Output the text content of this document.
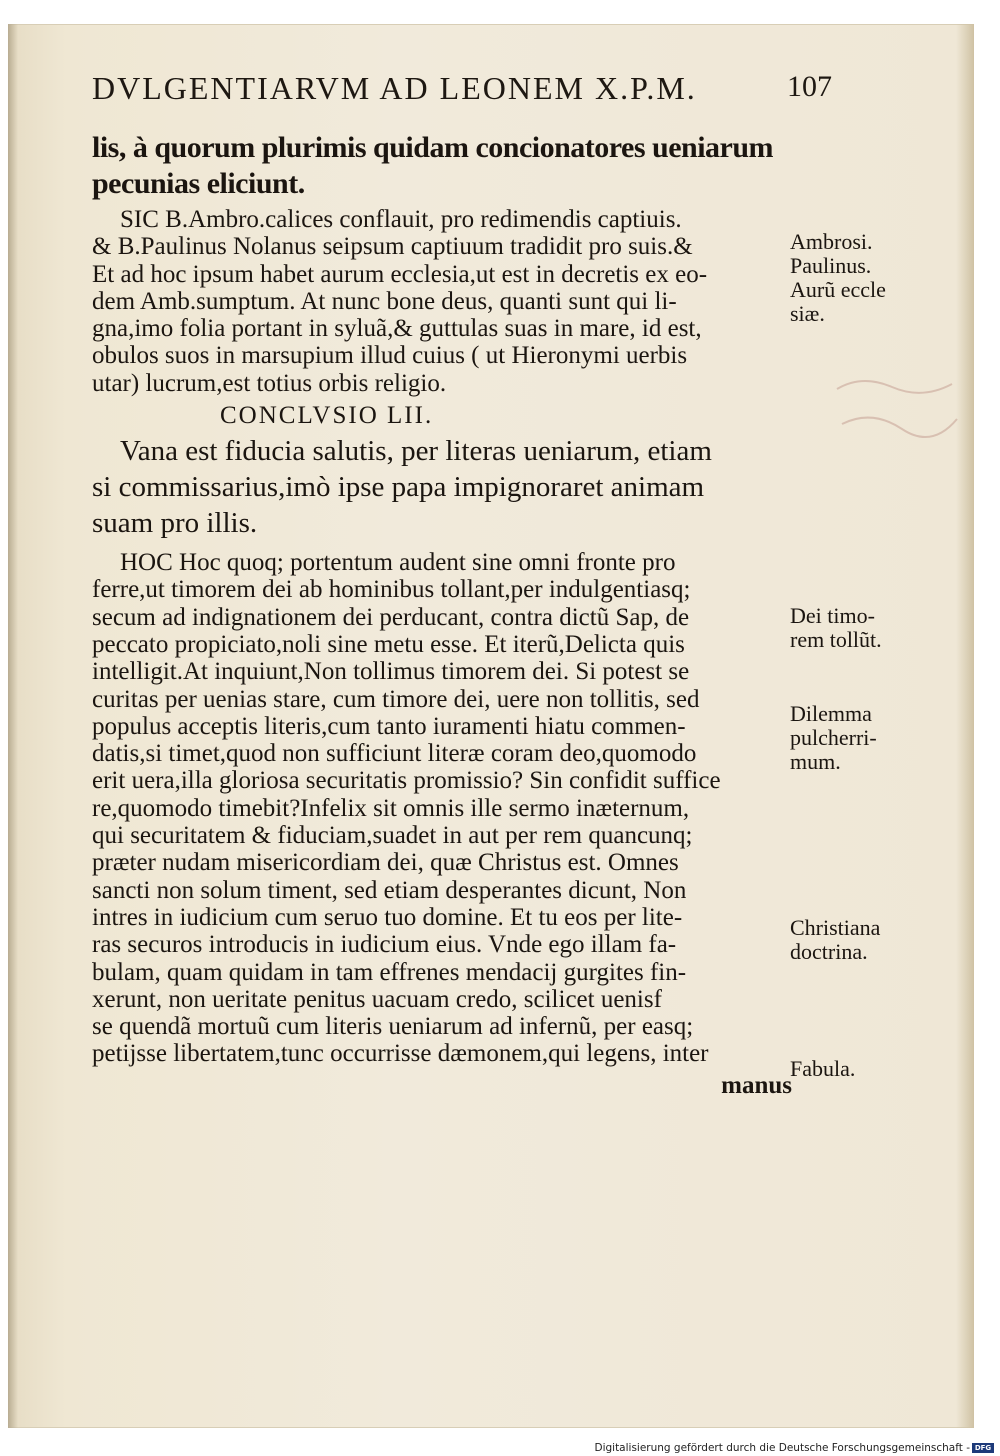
DVLGENTIARVM AD LEONEM X.P.M.	107
lis, à quorum plurimis quidam concionatores ueniarum
pecunias eliciunt.
SIC B.Ambro.calices conflauit, pro redimendis captiuis.
& B.Paulinus Nolanus seipsum captiuum tradidit pro suis.&
Et ad hoc ipsum habet aurum ecclesia,ut est in decretis ex eo-
dem Amb.sumptum. At nunc bone deus, quanti sunt qui li-
gna,imo folia portant in syluã,& guttulas suas in mare, id est,
obulos suos in marsupium illud cuius ( ut Hieronymi uerbis
utar) lucrum,est totius orbis religio.
CONCLVSIO LII.
Vana est fiducia salutis, per literas ueniarum, etiam
si commissarius,imò ipse papa impignoraret animam
suam pro illis.
HOC Hoc quoq; portentum audent sine omni fronte pro
ferre,ut timorem dei ab hominibus tollant,per indulgentiasq;
secum ad indignationem dei perducant, contra dictũ Sap, de
peccato propiciato,noli sine metu esse. Et iterũ,Delicta quis
intelligit.At inquiunt,Non tollimus timorem dei. Si potest se
curitas per uenias stare, cum timore dei, uere non tollitis, sed
populus acceptis literis,cum tanto iuramenti hiatu commen-
datis,si timet,quod non sufficiunt literæ coram deo,quomodo
erit uera,illa gloriosa securitatis promissio? Sin confidit suffice
re,quomodo timebit?Infelix sit omnis ille sermo inæternum,
qui securitatem & fiduciam,suadet in aut per rem quancunq;
præter nudam misericordiam dei, quæ Christus est. Omnes
sancti non solum timent, sed etiam desperantes dicunt, Non
intres in iudicium cum seruo tuo domine. Et tu eos per lite-
ras securos introducis in iudicium eius. Vnde ego illam fa-
bulam, quam quidam in tam effrenes mendacij gurgites fin-
xerunt, non ueritate penitus uacuam credo, scilicet uenisf
se quendã mortuũ cum literis ueniarum ad infernũ, per easq;
petijsse libertatem,tunc occurrisse dæmonem,qui legens, inter
manus
Ambrosi.
Paulinus.
Aurũ eccle
siæ.
Dei timo-
rem tollũt.
Dilemma
pulcherri-
mum.
Christiana
doctrina.
Fabula.
Digitalisierung gefördert durch die Deutsche Forschungsgemeinschaft - DFG
